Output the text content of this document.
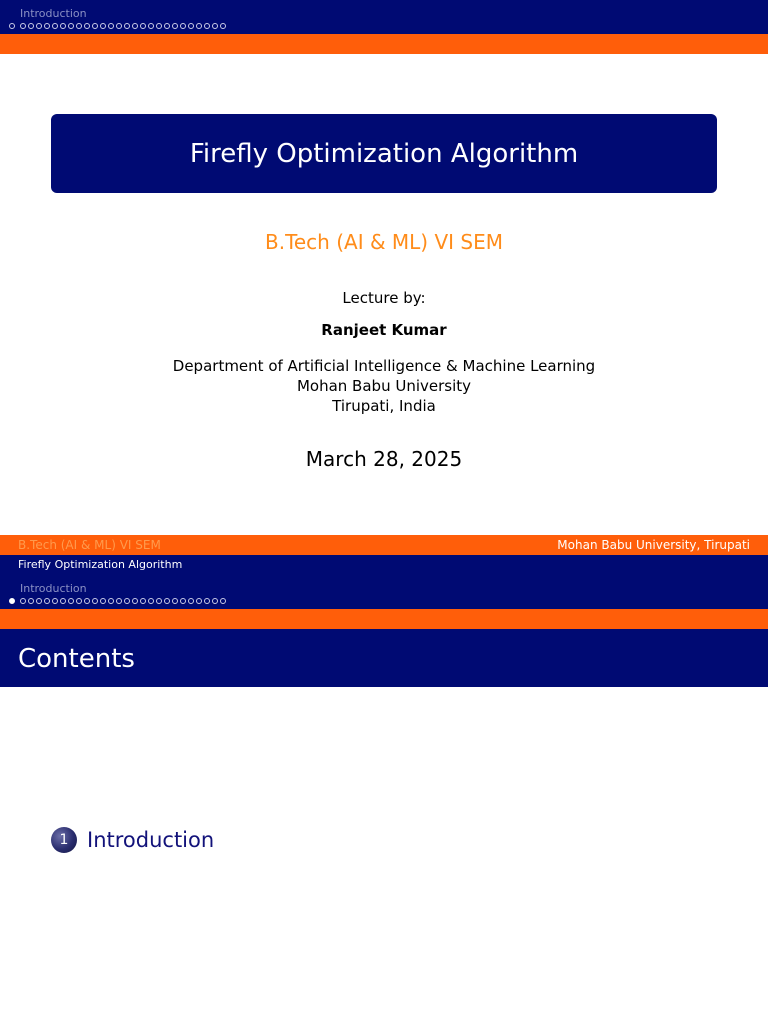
Introduction
Firefly Optimization Algorithm
B.Tech (AI & ML) VI SEM
Lecture by:
Ranjeet Kumar
Department of Artificial Intelligence & Machine Learning
Mohan Babu University
Tirupati, India
March 28, 2025
B.Tech (AI & ML) VI SEM	Mohan Babu University, Tirupati
Firefly Optimization Algorithm
Introduction
Contents
1 Introduction
